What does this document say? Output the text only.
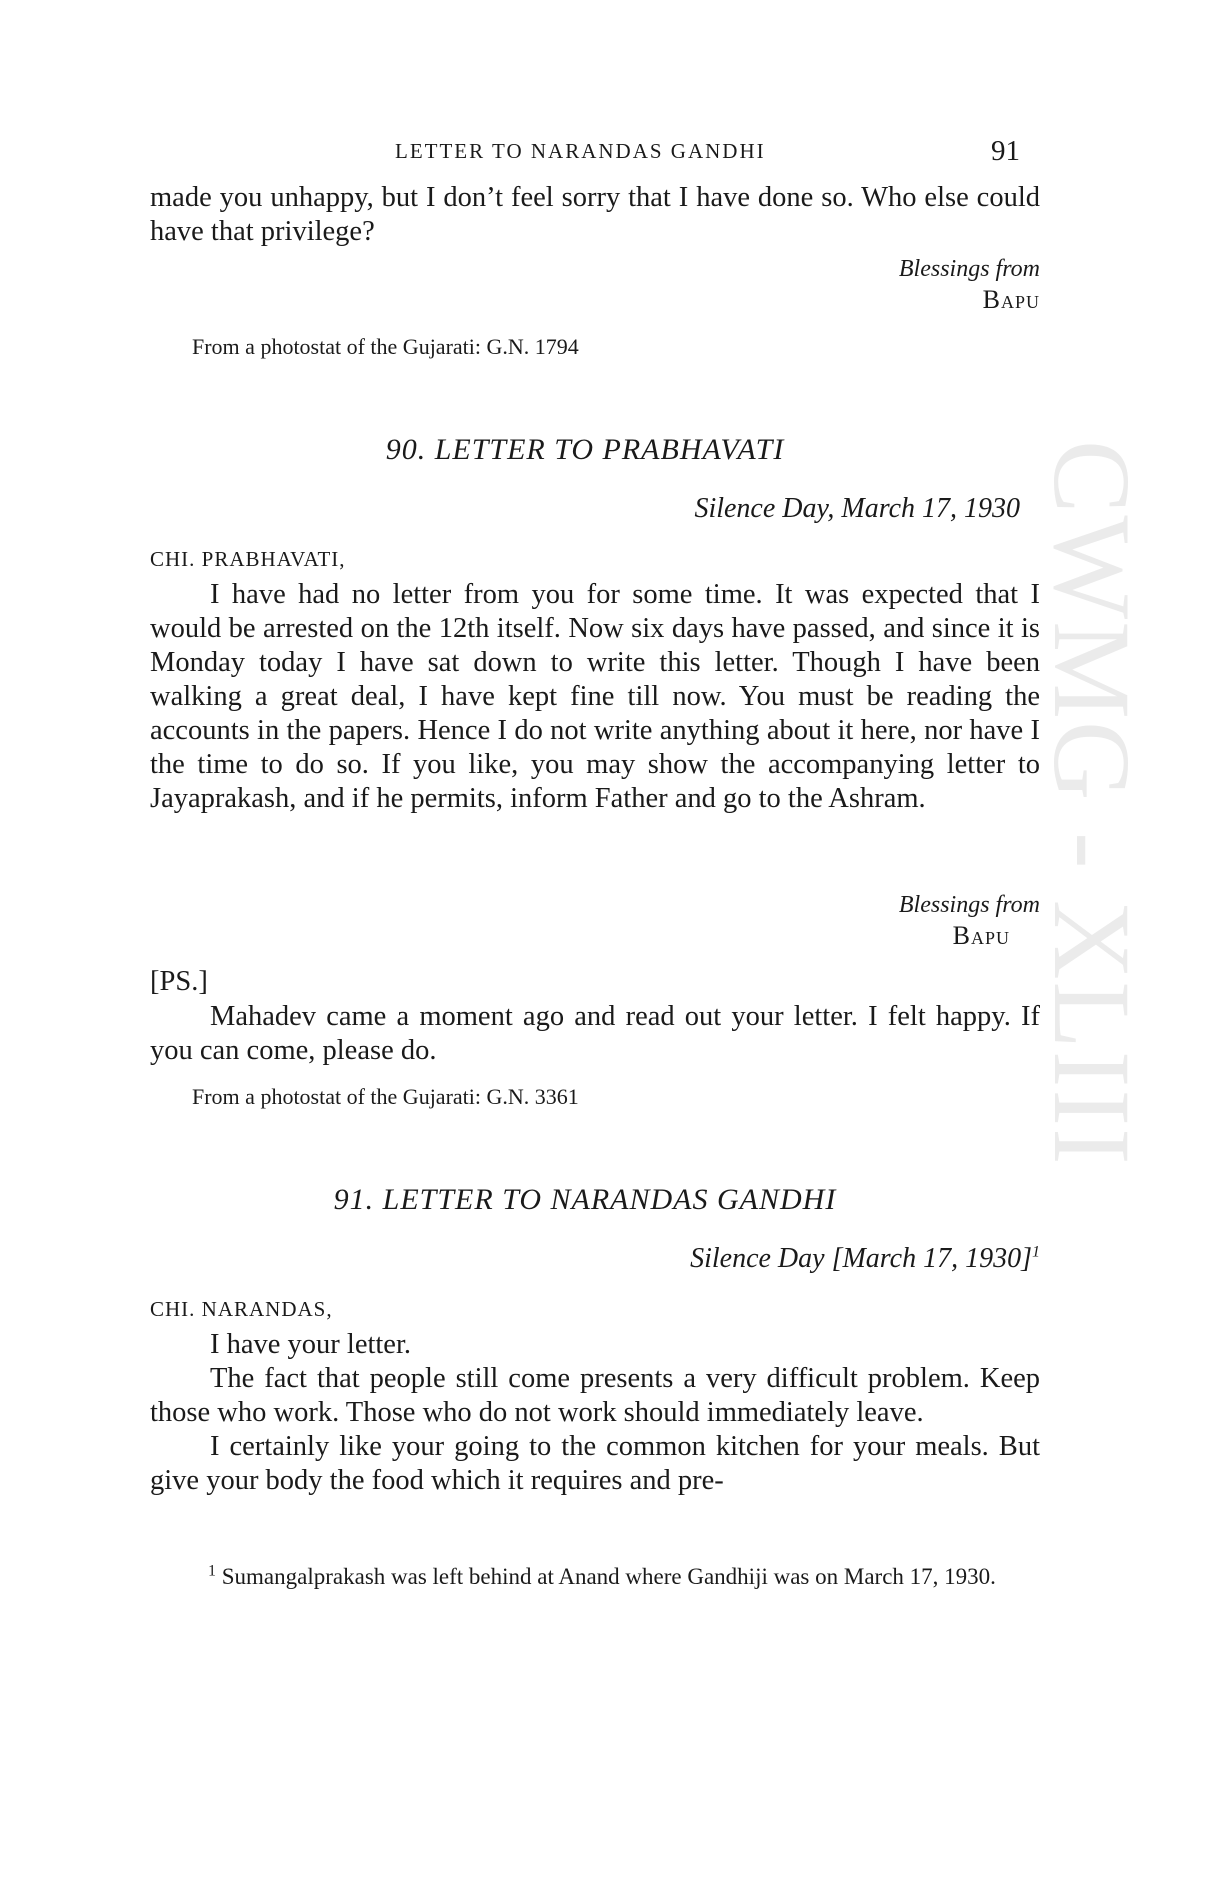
CWMG - XLIII
LETTER TO NARANDAS GANDHI	91

made you unhappy, but I don’t feel sorry that I have done so. Who else could have that privilege?

Blessings from
Bapu

From a photostat of the Gujarati: G.N. 1794

90. LETTER TO PRABHAVATI

Silence Day, March 17, 1930

CHI. PRABHAVATI,

I have had no letter from you for some time. It was expected that I would be arrested on the 12th itself. Now six days have passed, and since it is Monday today I have sat down to write this letter. Though I have been walking a great deal, I have kept fine till now. You must be reading the accounts in the papers. Hence I do not write anything about it here, nor have I the time to do so. If you like, you may show the accompanying letter to Jayaprakash, and if he permits, inform Father and go to the Ashram.

Blessings from
Bapu

[PS.]

Mahadev came a moment ago and read out your letter. I felt happy. If you can come, please do.

From a photostat of the Gujarati: G.N. 3361

91. LETTER TO NARANDAS GANDHI

Silence Day [March 17, 1930]$^1$

CHI. NARANDAS,

I have your letter.

The fact that people still come presents a very difficult problem. Keep those who work. Those who do not work should immediately leave.

I certainly like your going to the common kitchen for your meals. But give your body the food which it requires and pre-

$^1$ Sumangalprakash was left behind at Anand where Gandhiji was on March 17, 1930.
